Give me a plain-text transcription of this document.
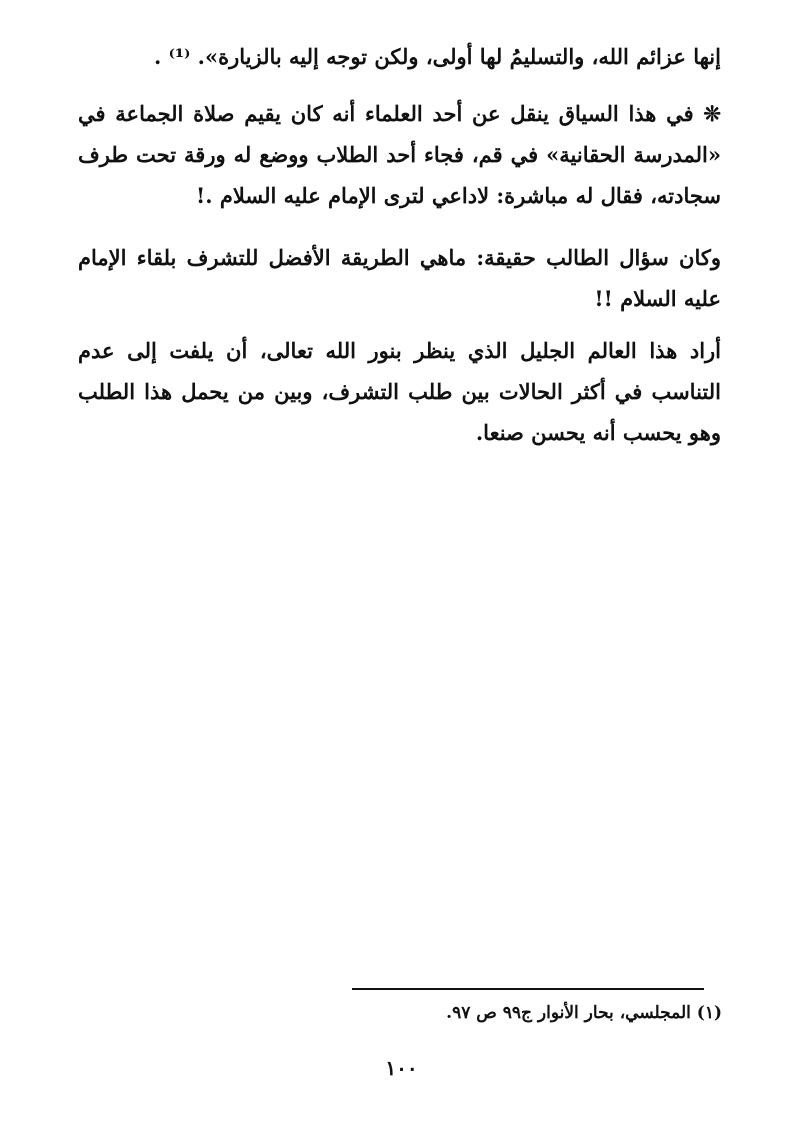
إنها عزائم الله، والتسليمُ لها أولى، ولكن توجه إليه بالزيارة». ⁽¹⁾ .

❊ في هذا السياق ينقل عن أحد العلماء أنه كان يقيم صلاة الجماعة في «المدرسة الحقانية» في قم، فجاء أحد الطلاب ووضع له ورقة تحت طرف سجادته، فقال له مباشرة: لاداعي لترى الإمام عليه السلام .!

وكان سؤال الطالب حقيقة: ماهي الطريقة الأفضل للتشرف بلقاء الإمام عليه السلام !!

أراد هذا العالم الجليل الذي ينظر بنور الله تعالى، أن يلفت إلى عدم التناسب في أكثر الحالات بين طلب التشرف، وبين من يحمل هذا الطلب وهو يحسب أنه يحسن صنعا.

(١) المجلسي، بحار الأنوار ج٩٩ ص ٩٧.
١٠٠
